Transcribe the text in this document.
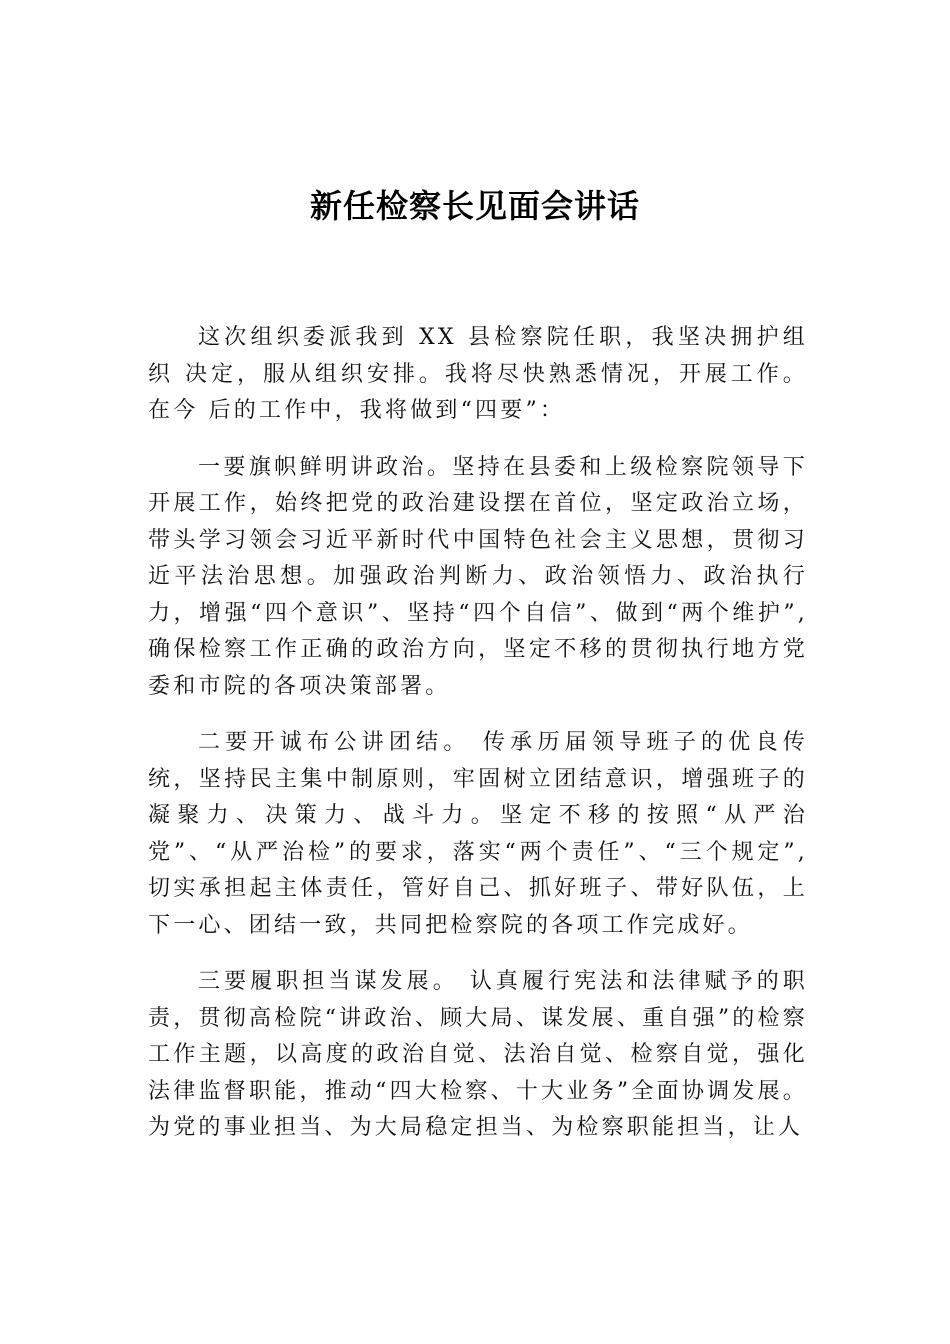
新任检察长见面会讲话

这次组织委派我到 XX 县检察院任职，我坚决拥护组织 决定，服从组织安排。我将尽快熟悉情况，开展工作。在今 后的工作中，我将做到“四要”：

一要旗帜鲜明讲政治。坚持在县委和上级检察院领导下开展工作，始终把党的政治建设摆在首位，坚定政治立场，带头学习领会习近平新时代中国特色社会主义思想，贯彻习近平法治思想。加强政治判断力、政治领悟力、政治执行力，增强“四个意识”、坚持“四个自信”、做到“两个维护”,确保检察工作正确的政治方向，坚定不移的贯彻执行地方党委和市院的各项决策部署。

二要开诚布公讲团结。 传承历届领导班子的优良传统，坚持民主集中制原则，牢固树立团结意识，增强班子的凝聚力、决策力、战斗力。坚定不移的按照“从严治党”、“从严治检”的要求，落实“两个责任”、“三个规定”,切实承担起主体责任，管好自己、抓好班子、带好队伍，上下一心、团结一致，共同把检察院的各项工作完成好。

三要履职担当谋发展。 认真履行宪法和法律赋予的职责，贯彻高检院“讲政治、顾大局、谋发展、重自强”的检察工作主题，以高度的政治自觉、法治自觉、检察自觉，强化法律监督职能，推动“四大检察、十大业务”全面协调发展。为党的事业担当、为大局稳定担当、为检察职能担当，让人
